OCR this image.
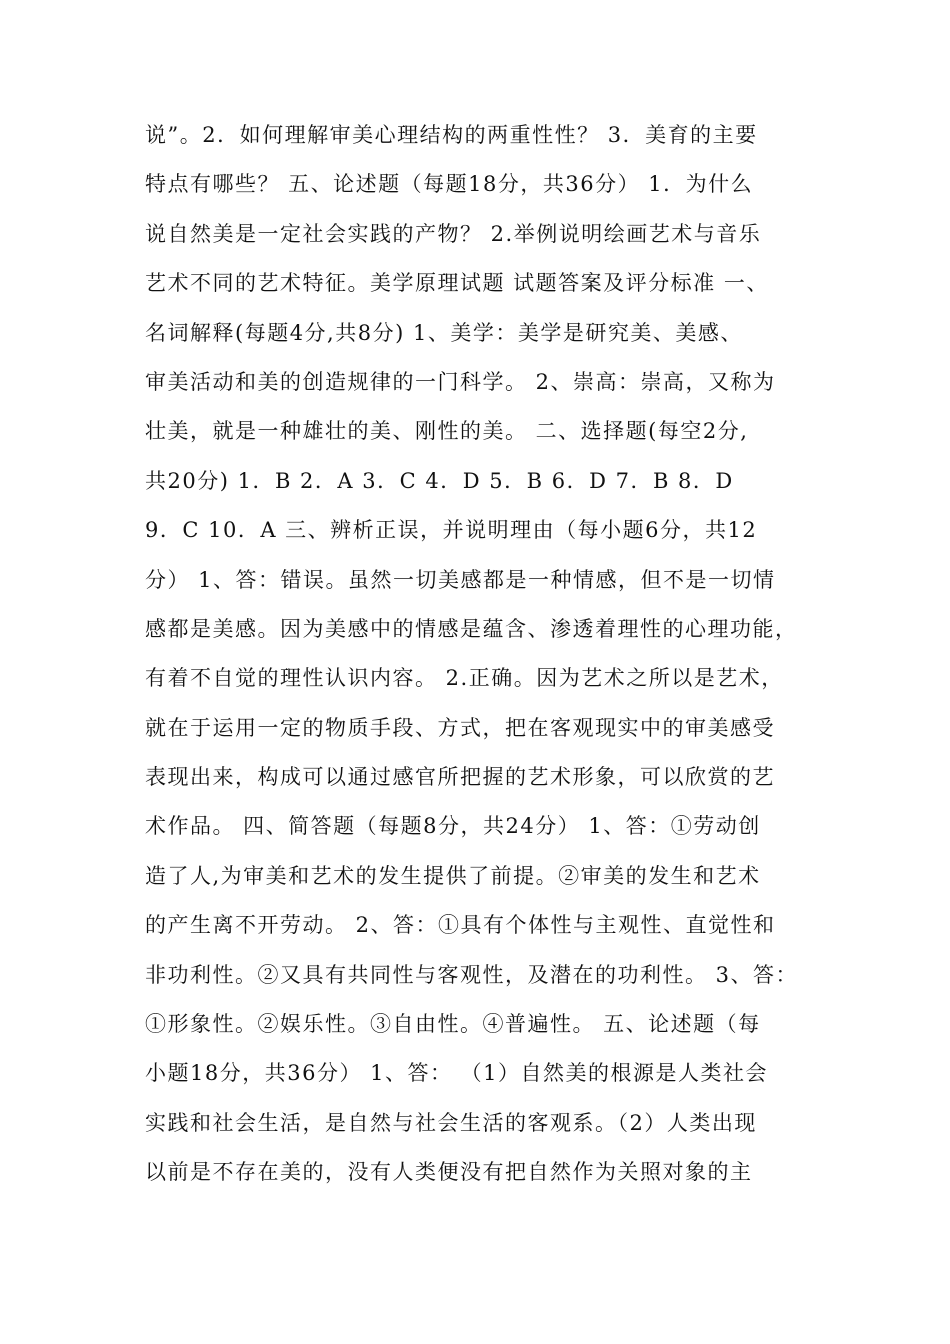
说”。2．如何理解审美心理结构的两重性性？ 3．美育的主要
特点有哪些？ 五、论述题（每题18分，共36分） 1．为什么
说自然美是一定社会实践的产物？ 2.举例说明绘画艺术与音乐
艺术不同的艺术特征。美学原理试题 试题答案及评分标准 一、
名词解释(每题4分,共8分) 1、美学：美学是研究美、美感、
审美活动和美的创造规律的一门科学。 2、崇高：崇高，又称为
壮美，就是一种雄壮的美、刚性的美。 二、选择题(每空2分,
共20分) 1．B 2．A 3．C 4．D 5．B 6．D 7．B 8．D
9．C 10．A 三、辨析正误，并说明理由（每小题6分，共12
分） 1、答：错误。虽然一切美感都是一种情感，但不是一切情
感都是美感。因为美感中的情感是蕴含、渗透着理性的心理功能，
有着不自觉的理性认识内容。 2.正确。因为艺术之所以是艺术，
就在于运用一定的物质手段、方式，把在客观现实中的审美感受
表现出来，构成可以通过感官所把握的艺术形象，可以欣赏的艺
术作品。 四、简答题（每题8分，共24分） 1、答：①劳动创
造了人,为审美和艺术的发生提供了前提。②审美的发生和艺术
的产生离不开劳动。 2、答：①具有个体性与主观性、直觉性和
非功利性。②又具有共同性与客观性，及潜在的功利性。 3、答：
①形象性。②娱乐性。③自由性。④普遍性。 五、论述题（每
小题18分，共36分） 1、答： （1）自然美的根源是人类社会
实践和社会生活，是自然与社会生活的客观系。（2）人类出现
以前是不存在美的，没有人类便没有把自然作为关照对象的主
